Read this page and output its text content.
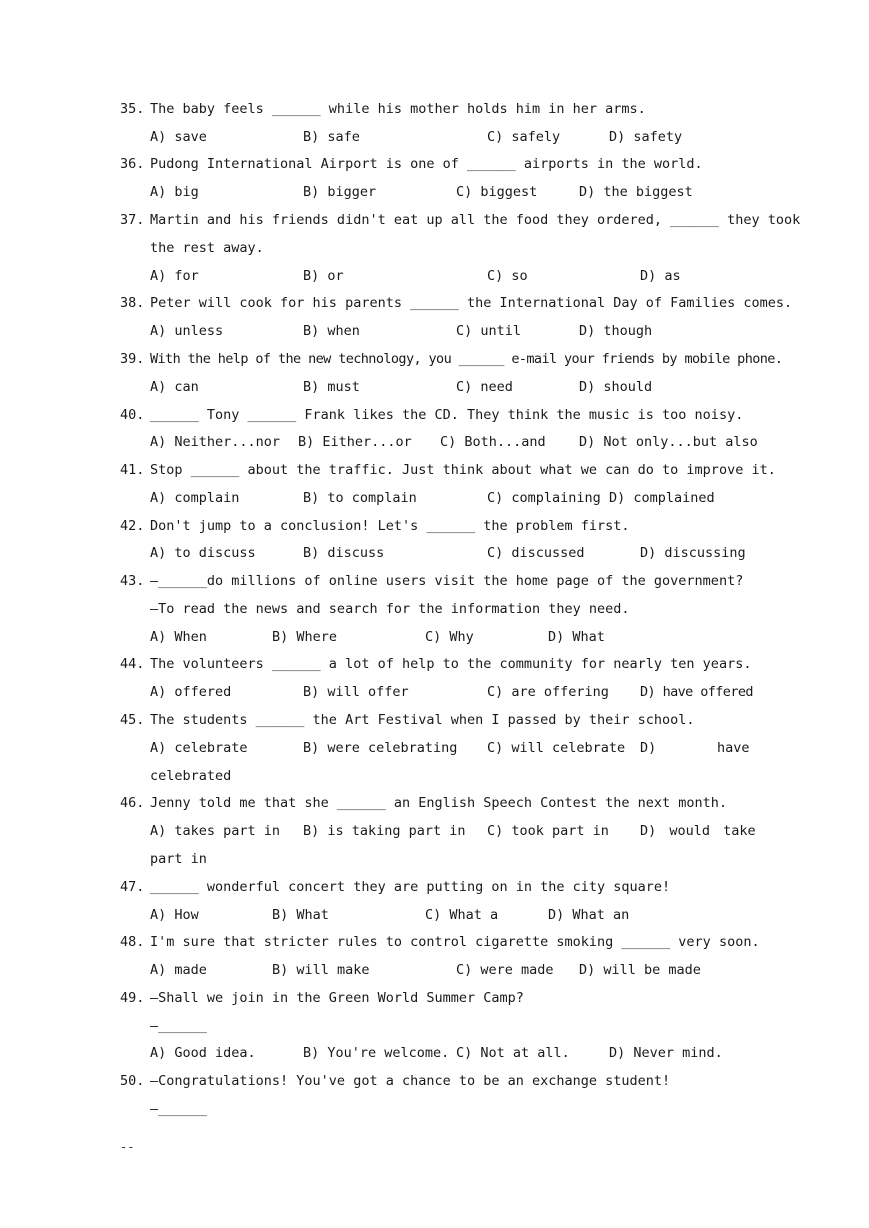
35. The baby feels ______ while his mother holds him in her arms.
A) save	B) safe	C) safely	D) safety
36. Pudong International Airport is one of ______ airports in the world.
A) big	B) bigger	C) biggest	D) the biggest
37. Martin and his friends didn't eat up all the food they ordered, ______ they took
the rest away.
A) for	B) or	C) so	D) as
38. Peter will cook for his parents ______ the International Day of Families comes.
A) unless	B) when	C) until	D) though
39. With the help of the new technology, you ______ e-mail your friends by mobile phone.
A) can	B) must	C) need	D) should
40. ______ Tony ______ Frank likes the CD. They think the music is too noisy.
A) Neither...nor B) Either...or C) Both...and D) Not only...but also
41. Stop ______ about the traffic. Just think about what we can do to improve it.
A) complain	B) to complain	C) complaining D) complained
42. Don't jump to a conclusion! Let's ______ the problem first.
A) to discuss	B) discuss	C) discussed	D) discussing
43. —______do millions of online users visit the home page of the government?
—To read the news and search for the information they need.
A) When	B) Where	C) Why	D) What
44. The volunteers ______ a lot of help to the community for nearly ten years.
A) offered	B) will offer	C) are offering D) have offered
45. The students ______ the Art Festival when I passed by their school.
A) celebrate	B) were celebrating C) will celebrate D)	have
celebrated
46. Jenny told me that she ______ an English Speech Contest the next month.
A) takes part in B) is taking part in C) took part in D) would take
part in
47. ______ wonderful concert they are putting on in the city square!
A) How	B) What	C) What a	D) What an
48. I'm sure that stricter rules to control cigarette smoking ______ very soon.
A) made	B) will make	C) were made D) will be made
49. —Shall we join in the Green World Summer Camp?
—______
A) Good idea.	B) You're welcome. C) Not at all.	D) Never mind.
50. —Congratulations! You've got a chance to be an exchange student!
—______
--
